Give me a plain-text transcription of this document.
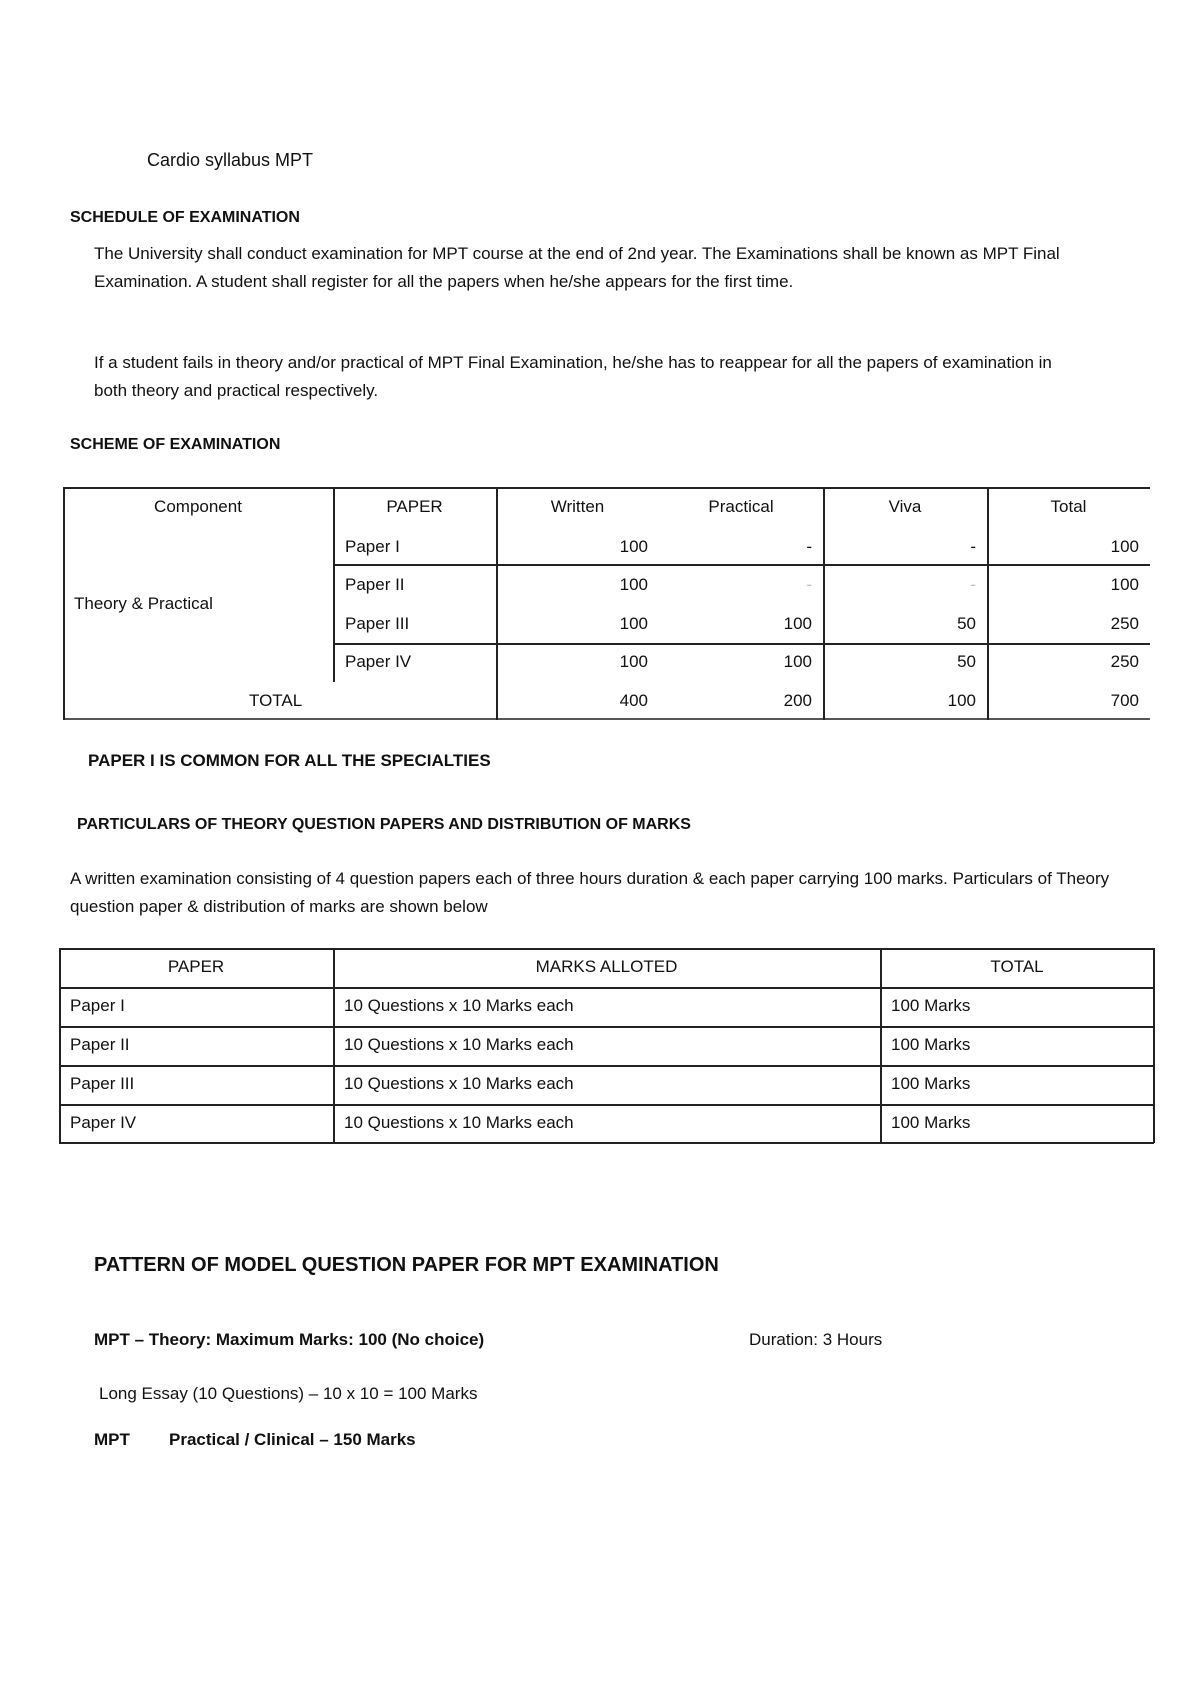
Cardio syllabus MPT
SCHEDULE OF EXAMINATION
The University shall conduct examination for MPT course at the end of 2nd year. The Examinations shall be known as MPT Final Examination. A student shall register for all the papers when he/she appears for the first time.
If a student fails in theory and/or practical of MPT Final Examination, he/she has to reappear for all the papers of examination in both theory and practical respectively.
SCHEME OF EXAMINATION
Component	PAPER	Written	Practical	Viva	Total
Theory & Practical
Paper I	100	-	-	100
Paper II	100	-	-	100
Paper III	100	100	50	250
Paper IV	100	100	50	250
TOTAL	400	200	100	700
PAPER I IS COMMON FOR ALL THE SPECIALTIES
PARTICULARS OF THEORY QUESTION PAPERS AND DISTRIBUTION OF MARKS
A written examination consisting of 4 question papers each of three hours duration & each paper carrying 100 marks. Particulars of Theory question paper & distribution of marks are shown below
PAPER	MARKS ALLOTED	TOTAL
Paper I	10 Questions x 10 Marks each	100 Marks
Paper II	10 Questions x 10 Marks each	100 Marks
Paper III	10 Questions x 10 Marks each	100 Marks
Paper IV	10 Questions x 10 Marks each	100 Marks
PATTERN OF MODEL QUESTION PAPER FOR MPT EXAMINATION
MPT – Theory: Maximum Marks: 100 (No choice)	Duration: 3 Hours
Long Essay (10 Questions) – 10 x 10 = 100 Marks
MPT Practical / Clinical – 150 Marks
